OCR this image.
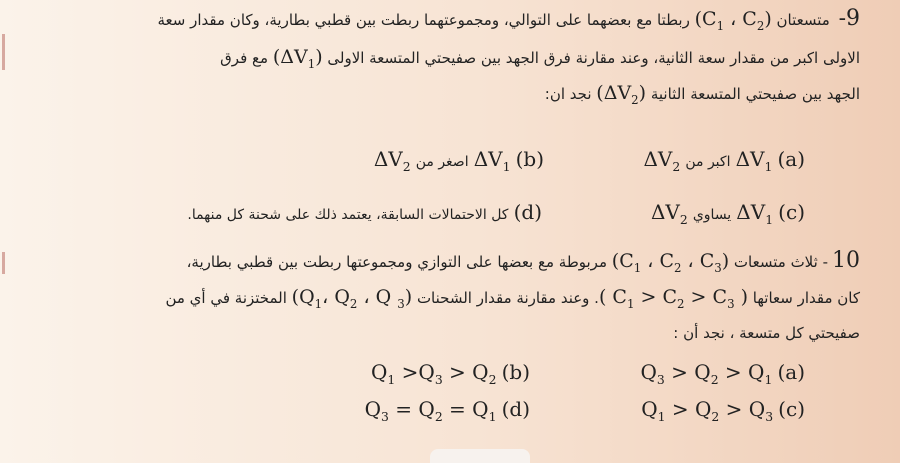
9- متسعتان ($C_1$ ، $C_2$) ربطتا مع بعضهما على التوالي، ومجموعتهما ربطت بين قطبي بطارية، وكان مقدار سعة
الاولى اكبر من مقدار سعة الثانية، وعند مقارنة فرق الجهد بين صفيحتي المتسعة الاولى $(\Delta V_1)$ مع فرق
الجهد بين صفيحتي المتسعة الثانية $(\Delta V_2)$ نجد ان:
(a) $\Delta V_1$ اكبر من $\Delta V_2$
(b) $\Delta V_1$ اصغر من $\Delta V_2$
(c) $\Delta V_1$ يساوي $\Delta V_2$
(d) كل الاحتمالات السابقة، يعتمد ذلك على شحنة كل منهما.
10- ثلاث متسعات ($C_1$ ، $C_2$ ، $C_3$) مربوطة مع بعضها على التوازي ومجموعتها ربطت بين قطبي بطارية،
كان مقدار سعاتها ( $C_1 > C_2 > C_3$ ). وعند مقارنة مقدار الشحنات ($Q_1،$ $Q_2$ ، Q $_3$) المختزنة في أي من
صفيحتي كل متسعة ، نجد أن :
(a) $Q_3 > Q_2 > Q_1$
(b) $Q_1 >Q_3 > Q_2$
(c) $Q_1 > Q_2 > Q_3$
(d) $Q_3 = Q_2 = Q_1$
